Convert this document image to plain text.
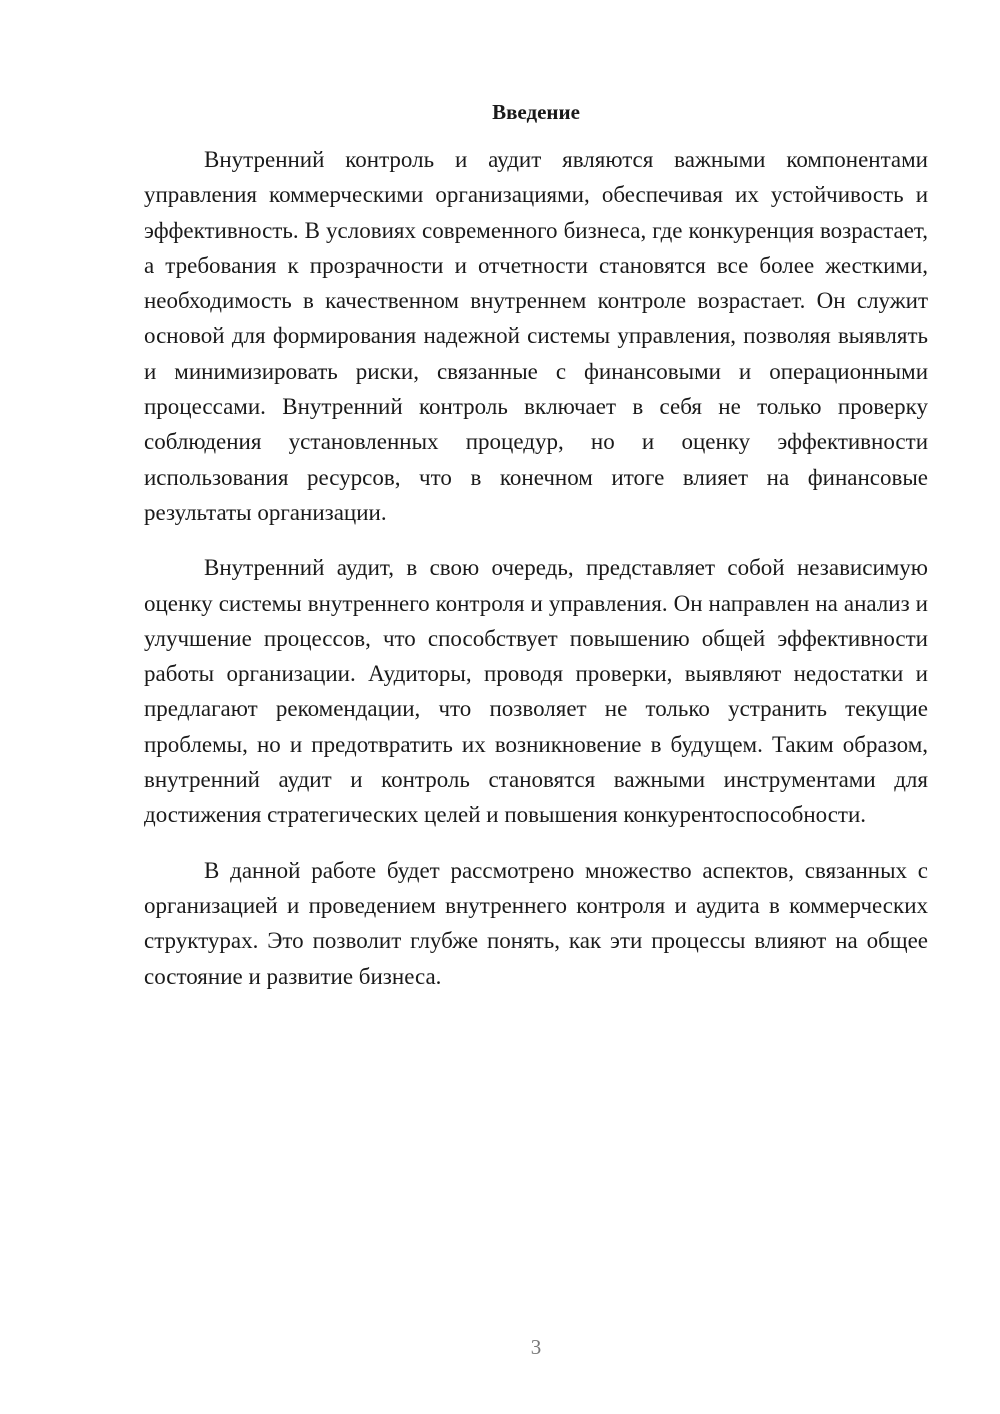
Введение

Внутренний контроль и аудит являются важными компонентами управления коммерческими организациями, обеспечивая их устойчивость и эффективность. В условиях современного бизнеса, где конкуренция возрастает, а требования к прозрачности и отчетности становятся все более жесткими, необходимость в качественном внутреннем контроле возрастает. Он служит основой для формирования надежной системы управления, позволяя выявлять и минимизировать риски, связанные с финансовыми и операционными процессами. Внутренний контроль включает в себя не только проверку соблюдения установленных процедур, но и оценку эффективности использования ресурсов, что в конечном итоге влияет на финансовые результаты организации.

Внутренний аудит, в свою очередь, представляет собой независимую оценку системы внутреннего контроля и управления. Он направлен на анализ и улучшение процессов, что способствует повышению общей эффективности работы организации. Аудиторы, проводя проверки, выявляют недостатки и предлагают рекомендации, что позволяет не только устранить текущие проблемы, но и предотвратить их возникновение в будущем. Таким образом, внутренний аудит и контроль становятся важными инструментами для достижения стратегических целей и повышения конкурентоспособности.

В данной работе будет рассмотрено множество аспектов, связанных с организацией и проведением внутреннего контроля и аудита в коммерческих структурах. Это позволит глубже понять, как эти процессы влияют на общее состояние и развитие бизнеса.

3
